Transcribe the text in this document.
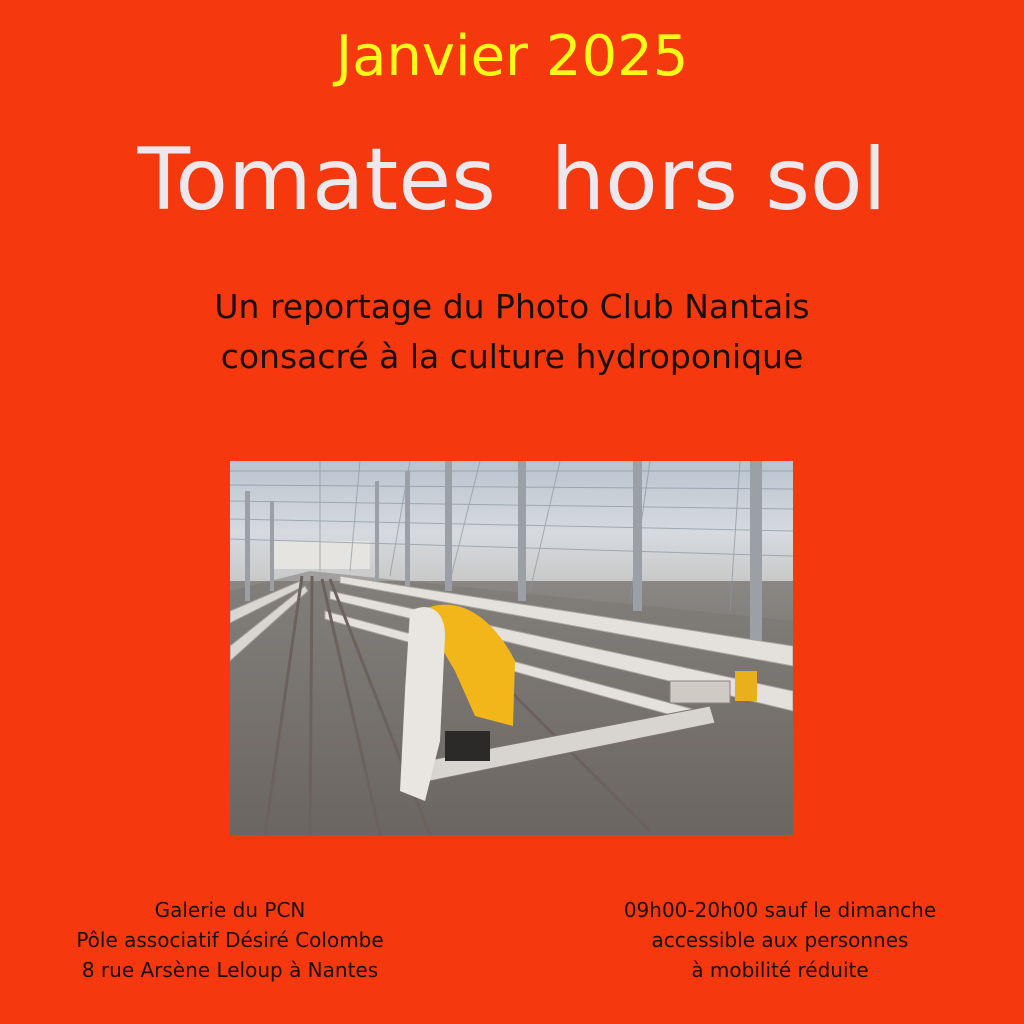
Janvier 2025
Tomates  hors sol
Un reportage du Photo Club Nantais
consacré à la culture hydroponique
Galerie du PCN
Pôle associatif Désiré Colombe
8 rue Arsène Leloup à Nantes
09h00-20h00 sauf le dimanche
accessible aux personnes
à mobilité réduite
